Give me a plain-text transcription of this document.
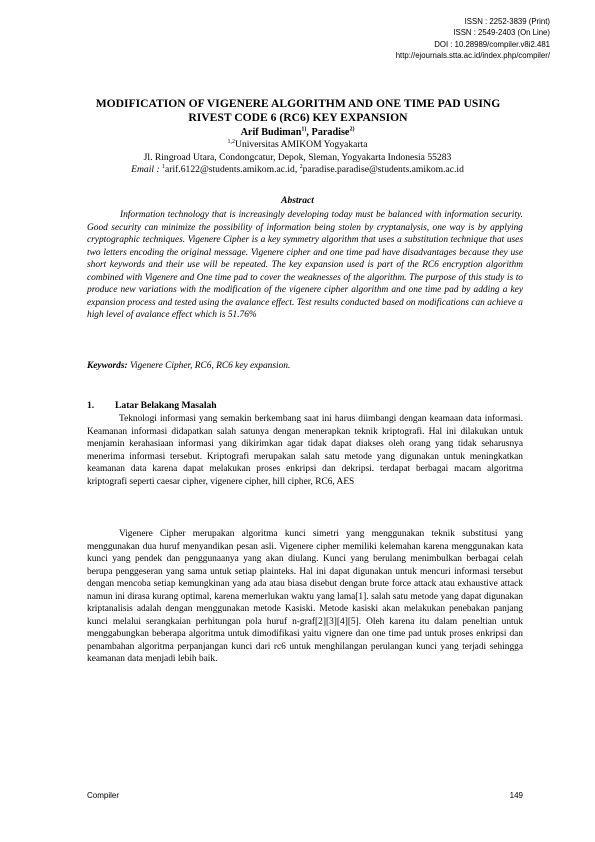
ISSN : 2252-3839 (Print)
ISSN : 2549-2403 (On Line)
DOI : 10.28989/compiler.v8i2.481
http://ejournals.stta.ac.id/index.php/compiler/
MODIFICATION OF VIGENERE ALGORITHM AND ONE TIME PAD USING RIVEST CODE 6 (RC6) KEY EXPANSION
Arif Budiman$^{1)}$, Paradise$^{2)}$
$^{1,2}$Universitas AMIKOM Yogyakarta
Jl. Ringroad Utara, Condongcatur, Depok, Sleman, Yogyakarta Indonesia 55283
Email : $^1$arif.6122@students.amikom.ac.id, $^2$paradise.paradise@students.amikom.ac.id
Abstract

Information technology that is increasingly developing today must be balanced with information security. Good security can minimize the possibility of information being stolen by cryptanalysis, one way is by applying cryptographic techniques. Vigenere Cipher is a key symmetry algorithm that uses a substitution technique that uses two letters encoding the original message. Vigenere cipher and one time pad have disadvantages because they use short keywords and their use will be repeated. The key expansion used is part of the RC6 encryption algorithm combined with Vigenere and One time pad to cover the weaknesses of the algorithm. The purpose of this study is to produce new variations with the modification of the vigenere cipher algorithm and one time pad by adding a key expansion process and tested using the avalance effect. Test results conducted based on modifications can achieve a high level of avalance effect which is 51.76%

Keywords: Vigenere Cipher, RC6, RC6 key expansion.
1. Latar Belakang Masalah

Teknologi informasi yang semakin berkembang saat ini harus diimbangi dengan keamaan data informasi. Keamanan informasi didapatkan salah satunya dengan menerapkan teknik kriptografi. Hal ini dilakukan untuk menjamin kerahasiaan informasi yang dikirimkan agar tidak dapat diakses oleh orang yang tidak seharusnya menerima informasi tersebut. Kriptografi merupakan salah satu metode yang digunakan untuk meningkatkan keamanan data karena dapat melakukan proses enkripsi dan dekripsi. terdapat berbagai macam algoritma kriptografi seperti caesar cipher, vigenere cipher, hill cipher, RC6, AES

Vigenere Cipher merupakan algoritma kunci simetri yang menggunakan teknik substitusi yang menggunakan dua huruf menyandikan pesan asli. Vigenere cipher memiliki kelemahan karena menggunakan kata kunci yang pendek dan penggunaanya yang akan diulang. Kunci yang berulang menimbulkan berbagai celah berupa penggeseran yang sama untuk setiap plainteks. Hal ini dapat digunakan untuk mencuri informasi tersebut dengan mencoba setiap kemungkinan yang ada atau biasa disebut dengan brute force attack atau exhaustive attack namun ini dirasa kurang optimal, karena memerlukan waktu yang lama[1]. salah satu metode yang dapat digunakan kriptanalisis adalah dengan menggunakan metode Kasiski. Metode kasiski akan melakukan penebakan panjang kunci melalui serangkaian perhitungan pola huruf n-graf[2][3][4][5]. Oleh karena itu dalam peneltian untuk menggabungkan beberapa algoritma untuk dimodifikasi yaitu vignere dan one time pad untuk proses enkripsi dan penambahan algoritma perpanjangan kunci dari rc6 untuk menghilangan perulangan kunci yang terjadi sehingga keamanan data menjadi lebih baik.

Compiler	149
